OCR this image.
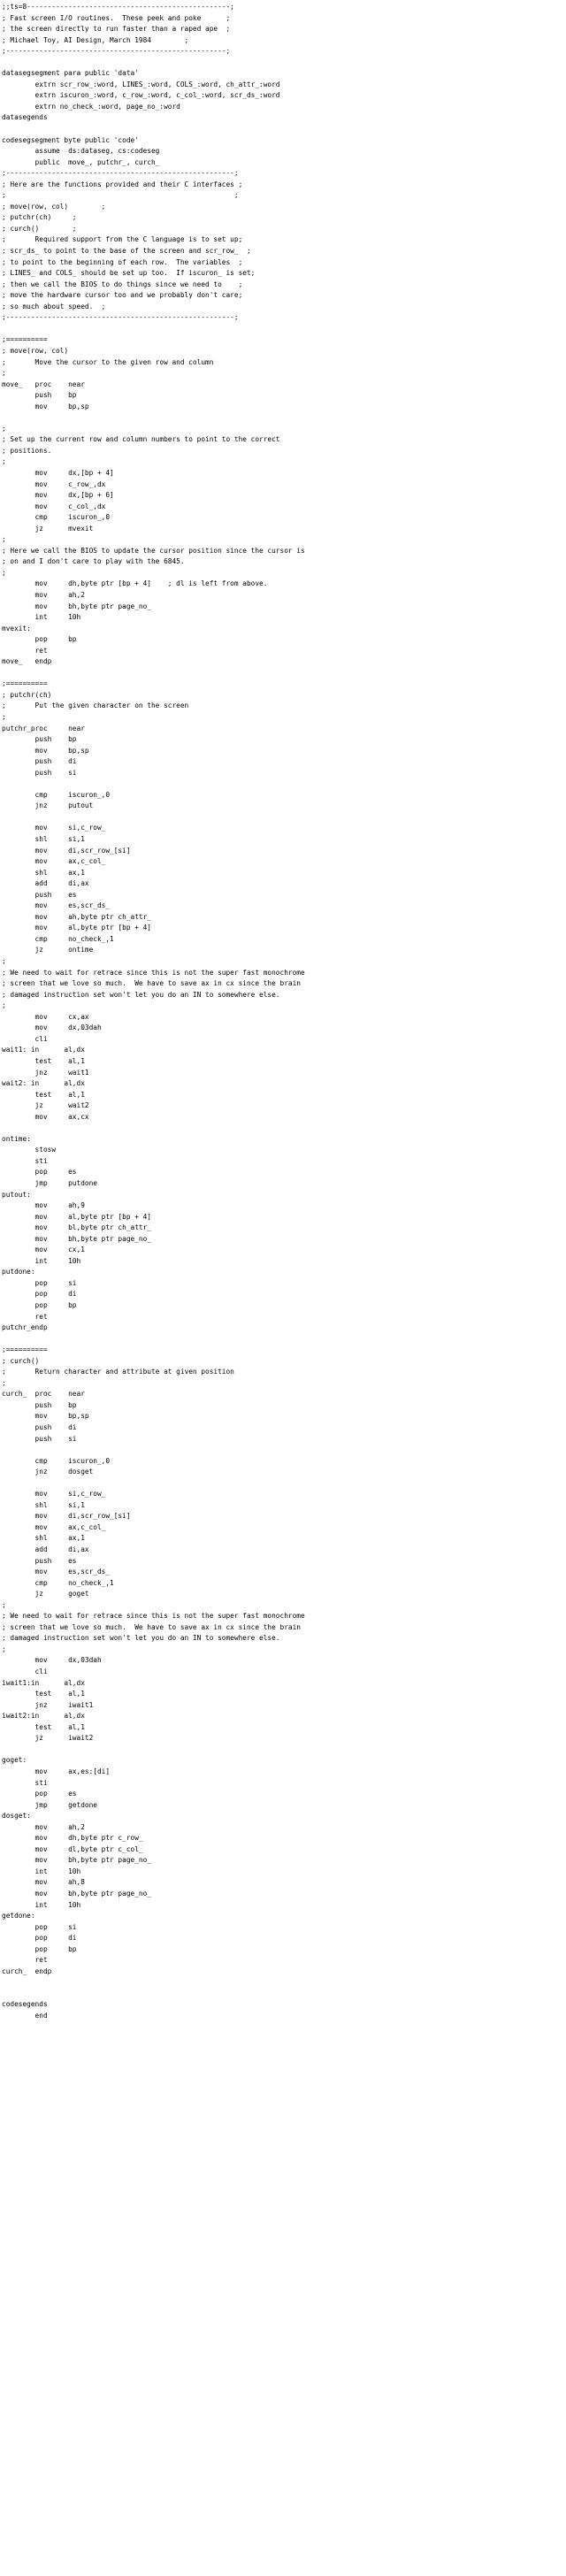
;;ts=8-------------------------------------------------;
; Fast screen I/O routines.  These peek and poke      ;
; the screen directly to run faster than a raped ape  ;
; Michael Toy, AI Design, March 1984        ;
;-----------------------------------------------------;
datasegsegment para public 'data'
extrn scr_row_:word, LINES_:word, COLS_:word, ch_attr_:word
extrn iscuron_:word, c_row_:word, c_col_:word, scr_ds_:word
extrn no_check_:word, page_no_:word
datasegends
codesegsegment byte public 'code'
assume  ds:dataseg, cs:codeseg
public  move_, putchr_, curch_
;-------------------------------------------------------;
; Here are the functions provided and their C interfaces ;
;                                                       ;
; move(row, col)        ;
; putchr(ch)     ;
; curch()        ;
;       Required support from the C language is to set up;
; scr_ds_ to point to the base of the screen and scr_row_  ;
; to point to the beginning of each row.  The variables  ;
; LINES_ and COLS_ should be set up too.  If iscuron_ is set;
; then we call the BIOS to do things since we need to    ;
; move the hardware cursor too and we probably don't care;
; so much about speed.  ;
;-------------------------------------------------------;
;==========
; move(row, col)
;       Move the cursor to the given row and column
;
move_   proc    near
push    bp
mov     bp,sp
;
; Set up the current row and column numbers to point to the correct
; positions.
;
mov     dx,[bp + 4]
mov     c_row_,dx
mov     dx,[bp + 6]
mov     c_col_,dx
cmp     iscuron_,0
jz      mvexit
;
; Here we call the BIOS to update the cursor position since the cursor is
; on and I don't care to play with the 6845.
;
mov     dh,byte ptr [bp + 4]    ; dl is left from above.
mov     ah,2
mov     bh,byte ptr page_no_
int     10h
mvexit:
pop     bp
ret
move_   endp
;==========
; putchr(ch)
;       Put the given character on the screen
;
putchr_proc     near
push    bp
mov     bp,sp
push    di
push    si
cmp     iscuron_,0
jnz     putout
mov     si,c_row_
shl     si,1
mov     di,scr_row_[si]
mov     ax,c_col_
shl     ax,1
add     di,ax
push    es
mov     es,scr_ds_
mov     ah,byte ptr ch_attr_
mov     al,byte ptr [bp + 4]
cmp     no_check_,1
jz      ontime
;
; We need to wait for retrace since this is not the super fast monochrome
; screen that we love so much.  We have to save ax in cx since the brain
; damaged instruction set won't let you do an IN to somewhere else.
;
mov     cx,ax
mov     dx,03dah
cli
wait1: in      al,dx
test    al,1
jnz     wait1
wait2: in      al,dx
test    al,1
jz      wait2
mov     ax,cx
ontime:
stosw
sti
pop     es
jmp     putdone
putout:
mov     ah,9
mov     al,byte ptr [bp + 4]
mov     bl,byte ptr ch_attr_
mov     bh,byte ptr page_no_
mov     cx,1
int     10h
putdone:
pop     si
pop     di
pop     bp
ret
putchr_endp
;==========
; curch()
;       Return character and attribute at given position
;
curch_  proc    near
push    bp
mov     bp,sp
push    di
push    si
cmp     iscuron_,0
jnz     dosget
mov     si,c_row_
shl     si,1
mov     di,scr_row_[si]
mov     ax,c_col_
shl     ax,1
add     di,ax
push    es
mov     es,scr_ds_
cmp     no_check_,1
jz      goget
;
; We need to wait for retrace since this is not the super fast monochrome
; screen that we love so much.  We have to save ax in cx since the brain
; damaged instruction set won't let you do an IN to somewhere else.
;
mov     dx,03dah
cli
iwait1:in      al,dx
test    al,1
jnz     iwait1
iwait2:in      al,dx
test    al,1
jz      iwait2
goget:
mov     ax,es:[di]
sti
pop     es
jmp     getdone
dosget:
mov     ah,2
mov     dh,byte ptr c_row_
mov     dl,byte ptr c_col_
mov     bh,byte ptr page_no_
int     10h
mov     ah,8
mov     bh,byte ptr page_no_
int     10h
getdone:
pop     si
pop     di
pop     bp
ret
curch_  endp
codesegends
end
